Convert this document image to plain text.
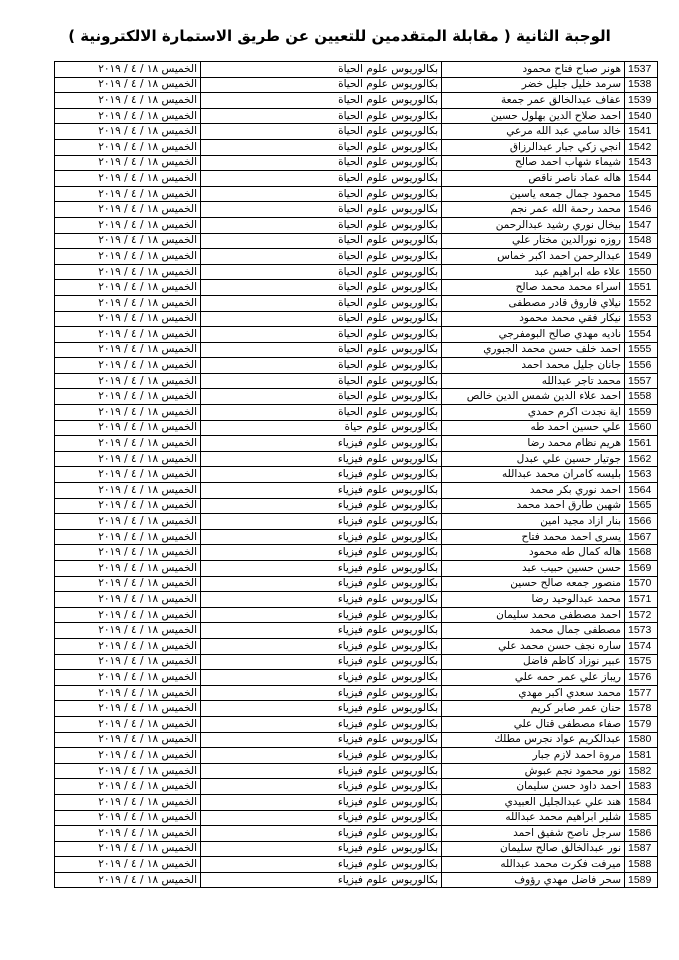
الوجبة الثانية ( مقابلة المتقدمين للتعيين عن طريق الاستمارة الالكترونية )
1537	هونر صباح فتاح محمود	بكالوريوس علوم الحياة	الخميس ١٨ / ٤ / ٢٠١٩
1538	سرمد خليل جليل خضر	بكالوريوس علوم الحياة	الخميس ١٨ / ٤ / ٢٠١٩
1539	عفاف عبدالخالق عمر جمعة	بكالوريوس علوم الحياة	الخميس ١٨ / ٤ / ٢٠١٩
1540	احمد صلاح الدين بهلول حسين	بكالوريوس علوم الحياة	الخميس ١٨ / ٤ / ٢٠١٩
1541	خالد سامي عبد الله مرعي	بكالوريوس علوم الحياة	الخميس ١٨ / ٤ / ٢٠١٩
1542	انجي زكي جبار عبدالرزاق	بكالوريوس علوم الحياة	الخميس ١٨ / ٤ / ٢٠١٩
1543	شيماء شهاب احمد صالح	بكالوريوس علوم الحياة	الخميس ١٨ / ٤ / ٢٠١٩
1544	هاله عماد ناصر ناقص	بكالوريوس علوم الحياة	الخميس ١٨ / ٤ / ٢٠١٩
1545	محمود جمال جمعه ياسين	بكالوريوس علوم الحياة	الخميس ١٨ / ٤ / ٢٠١٩
1546	محمد رحمة الله عمر نجم	بكالوريوس علوم الحياة	الخميس ١٨ / ٤ / ٢٠١٩
1547	بيخال نوري رشيد عبدالرحمن	بكالوريوس علوم الحياة	الخميس ١٨ / ٤ / ٢٠١٩
1548	روزه نورالدين مختار علي	بكالوريوس علوم الحياة	الخميس ١٨ / ٤ / ٢٠١٩
1549	عبدالرحمن احمد اكبر خماس	بكالوريوس علوم الحياة	الخميس ١٨ / ٤ / ٢٠١٩
1550	علاء طه ابراهيم عبد	بكالوريوس علوم الحياة	الخميس ١٨ / ٤ / ٢٠١٩
1551	اسراء محمد محمد صالح	بكالوريوس علوم الحياة	الخميس ١٨ / ٤ / ٢٠١٩
1552	نيلاي فاروق قادر مصطفى	بكالوريوس علوم الحياة	الخميس ١٨ / ٤ / ٢٠١٩
1553	نيكار فقي محمد محمود	بكالوريوس علوم الحياة	الخميس ١٨ / ٤ / ٢٠١٩
1554	ناديه مهدي صالح البومفرجي	بكالوريوس علوم الحياة	الخميس ١٨ / ٤ / ٢٠١٩
1555	احمد خلف حسن محمد الجبوري	بكالوريوس علوم الحياة	الخميس ١٨ / ٤ / ٢٠١٩
1556	جانان جليل محمد احمد	بكالوريوس علوم الحياة	الخميس ١٨ / ٤ / ٢٠١٩
1557	محمد تاجر عبدالله	بكالوريوس علوم الحياة	الخميس ١٨ / ٤ / ٢٠١٩
1558	احمد علاء الدين شمس الدين خالص	بكالوريوس علوم الحياة	الخميس ١٨ / ٤ / ٢٠١٩
1559	اية نجدت اكرم حمدي	بكالوريوس علوم الحياة	الخميس ١٨ / ٤ / ٢٠١٩
1560	علي حسين احمد طه	بكالوريوس علوم حياة	الخميس ١٨ / ٤ / ٢٠١٩
1561	هريم نظام محمد رضا	بكالوريوس علوم فيزياء	الخميس ١٨ / ٤ / ٢٠١٩
1562	جوتيار حسين علي عبدل	بكالوريوس علوم فيزياء	الخميس ١٨ / ٤ / ٢٠١٩
1563	بليسه كامران محمد عبدالله	بكالوريوس علوم فيزياء	الخميس ١٨ / ٤ / ٢٠١٩
1564	احمد نوري بكر محمد	بكالوريوس علوم فيزياء	الخميس ١٨ / ٤ / ٢٠١٩
1565	شهين طارق احمد محمد	بكالوريوس علوم فيزياء	الخميس ١٨ / ٤ / ٢٠١٩
1566	بنار ازاد مجيد امين	بكالوريوس علوم فيزياء	الخميس ١٨ / ٤ / ٢٠١٩
1567	يسرى احمد محمد فتاح	بكالوريوس علوم فيزياء	الخميس ١٨ / ٤ / ٢٠١٩
1568	هاله كمال طه محمود	بكالوريوس علوم فيزياء	الخميس ١٨ / ٤ / ٢٠١٩
1569	حسن حسين حبيب عبد	بكالوريوس علوم فيزياء	الخميس ١٨ / ٤ / ٢٠١٩
1570	منصور جمعه صالح حسين	بكالوريوس علوم فيزياء	الخميس ١٨ / ٤ / ٢٠١٩
1571	محمد عبدالوحيد رضا	بكالوريوس علوم فيزياء	الخميس ١٨ / ٤ / ٢٠١٩
1572	احمد مصطفى محمد سليمان	بكالوريوس علوم فيزياء	الخميس ١٨ / ٤ / ٢٠١٩
1573	مصطفى جمال محمد	بكالوريوس علوم فيزياء	الخميس ١٨ / ٤ / ٢٠١٩
1574	ساره نجف حسن محمد علي	بكالوريوس علوم فيزياء	الخميس ١٨ / ٤ / ٢٠١٩
1575	عبير نوزاد كاظم فاضل	بكالوريوس علوم فيزياء	الخميس ١٨ / ٤ / ٢٠١٩
1576	ريباز علي عمر حمه علي	بكالوريوس علوم فيزياء	الخميس ١٨ / ٤ / ٢٠١٩
1577	محمد سعدي اكبر مهدي	بكالوريوس علوم فيزياء	الخميس ١٨ / ٤ / ٢٠١٩
1578	حنان عمر صابر كريم	بكالوريوس علوم فيزياء	الخميس ١٨ / ٤ / ٢٠١٩
1579	صفاء مصطفى قتال علي	بكالوريوس علوم فيزياء	الخميس ١٨ / ٤ / ٢٠١٩
1580	عبدالكريم عواد نجرس مطلك	بكالوريوس علوم فيزياء	الخميس ١٨ / ٤ / ٢٠١٩
1581	مروة احمد لازم جبار	بكالوريوس علوم فيزياء	الخميس ١٨ / ٤ / ٢٠١٩
1582	نور محمود نجم عبوش	بكالوريوس علوم فيزياء	الخميس ١٨ / ٤ / ٢٠١٩
1583	احمد داود حسن سليمان	بكالوريوس علوم فيزياء	الخميس ١٨ / ٤ / ٢٠١٩
1584	هند علي عبدالجليل العبيدي	بكالوريوس علوم فيزياء	الخميس ١٨ / ٤ / ٢٠١٩
1585	شلير ابراهيم محمد عبدالله	بكالوريوس علوم فيزياء	الخميس ١٨ / ٤ / ٢٠١٩
1586	سرجل ناصح شفيق احمد	بكالوريوس علوم فيزياء	الخميس ١٨ / ٤ / ٢٠١٩
1587	نور عبدالخالق صالح سليمان	بكالوريوس علوم فيزياء	الخميس ١٨ / ٤ / ٢٠١٩
1588	ميرفت فكرت محمد عبدالله	بكالوريوس علوم فيزياء	الخميس ١٨ / ٤ / ٢٠١٩
1589	سحر فاضل مهدي رؤوف	بكالوريوس علوم فيزياء	الخميس ١٨ / ٤ / ٢٠١٩
